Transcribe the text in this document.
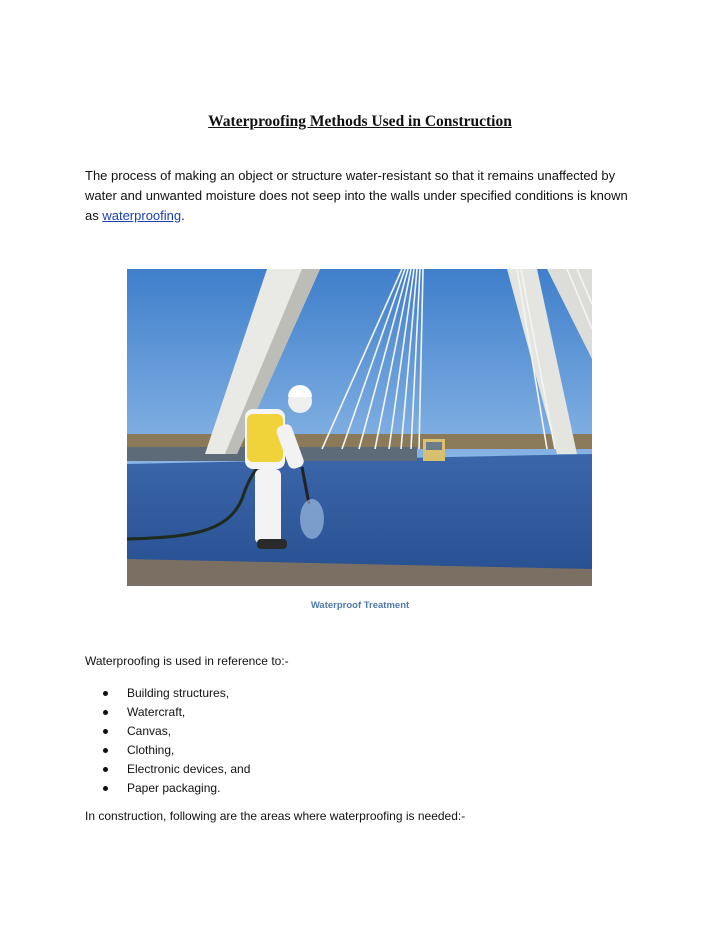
Waterproofing Methods Used in Construction
The process of making an object or structure water-resistant so that it remains unaffected by
water and unwanted moisture does not seep into the walls under specified conditions is known
as waterproofing.
Waterproof Treatment
Waterproofing is used in reference to:-
Building structures,
Watercraft,
Canvas,
Clothing,
Electronic devices, and
Paper packaging.
In construction, following are the areas where waterproofing is needed:-
